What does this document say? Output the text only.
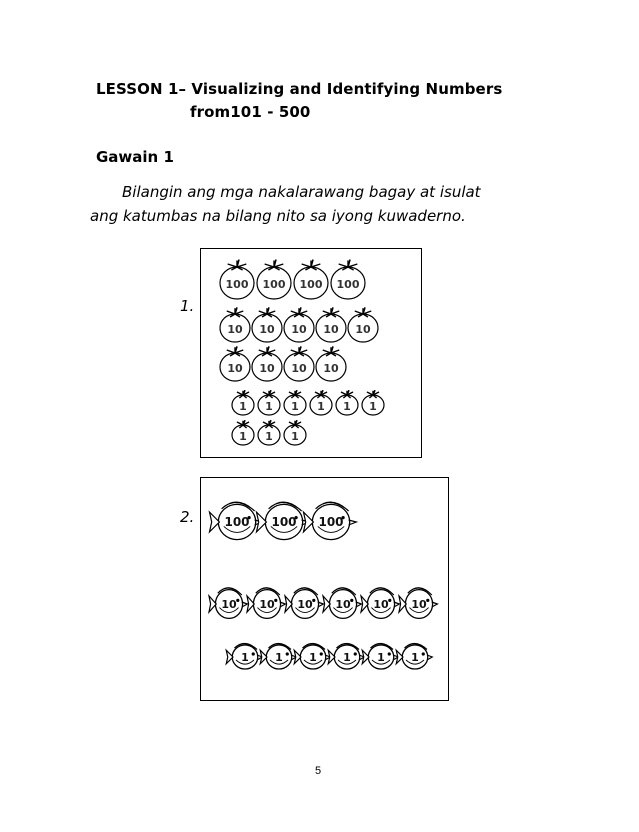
LESSON 1– Visualizing and Identifying Numbers
from101 - 500
Gawain 1
Bilangin ang mga nakalarawang bagay at isulat
ang katumbas na bilang nito sa iyong kuwaderno.
1.
100 100 100 100
10 10 10 10 10
10 10 10 10
1 1 1 1 1 1
1 1 1
2.	100 100 100
10 10 10 10 10 10
1 1 1 1 1 1
5
